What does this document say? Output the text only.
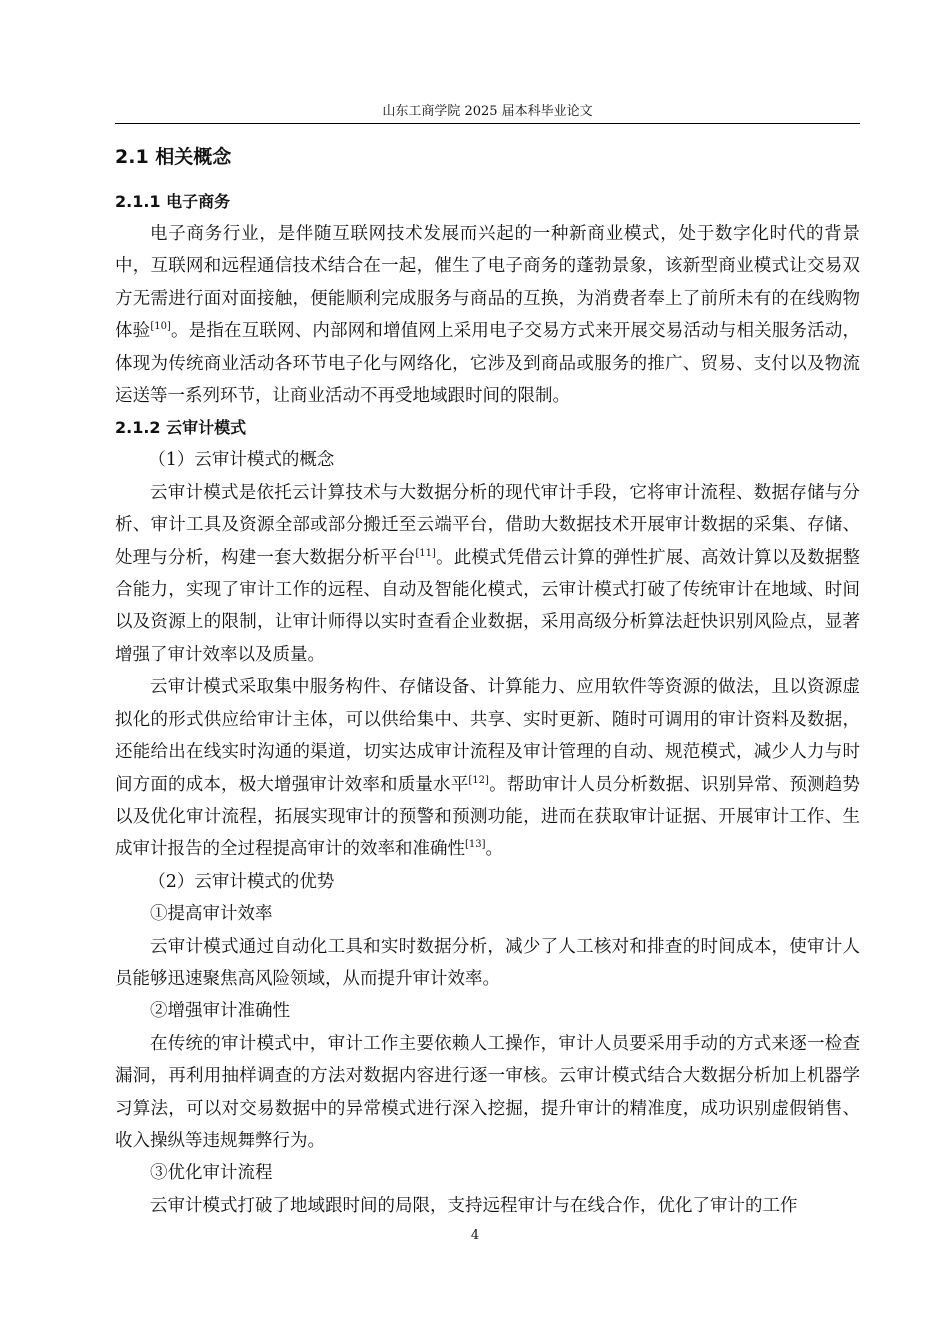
山东工商学院 2025 届本科毕业论文
2.1 相关概念
2.1.1 电子商务

电子商务行业，是伴随互联网技术发展而兴起的一种新商业模式，处于数字化时代的背景中，互联网和远程通信技术结合在一起，催生了电子商务的蓬勃景象，该新型商业模式让交易双方无需进行面对面接触，便能顺利完成服务与商品的互换，为消费者奉上了前所未有的在线购物体验[10]。是指在互联网、内部网和增值网上采用电子交易方式来开展交易活动与相关服务活动，体现为传统商业活动各环节电子化与网络化，它涉及到商品或服务的推广、贸易、支付以及物流运送等一系列环节，让商业活动不再受地域跟时间的限制。

2.1.2 云审计模式

（1）云审计模式的概念

云审计模式是依托云计算技术与大数据分析的现代审计手段，它将审计流程、数据存储与分析、审计工具及资源全部或部分搬迁至云端平台，借助大数据技术开展审计数据的采集、存储、处理与分析，构建一套大数据分析平台[11]。此模式凭借云计算的弹性扩展、高效计算以及数据整合能力，实现了审计工作的远程、自动及智能化模式，云审计模式打破了传统审计在地域、时间以及资源上的限制，让审计师得以实时查看企业数据，采用高级分析算法赶快识别风险点，显著增强了审计效率以及质量。

云审计模式采取集中服务构件、存储设备、计算能力、应用软件等资源的做法，且以资源虚拟化的形式供应给审计主体，可以供给集中、共享、实时更新、随时可调用的审计资料及数据，还能给出在线实时沟通的渠道，切实达成审计流程及审计管理的自动、规范模式，减少人力与时间方面的成本，极大增强审计效率和质量水平[12]。帮助审计人员分析数据、识别异常、预测趋势以及优化审计流程，拓展实现审计的预警和预测功能，进而在获取审计证据、开展审计工作、生成审计报告的全过程提高审计的效率和准确性[13]。

（2）云审计模式的优势

①提高审计效率

云审计模式通过自动化工具和实时数据分析，减少了人工核对和排查的时间成本，使审计人员能够迅速聚焦高风险领域，从而提升审计效率。

②增强审计准确性

在传统的审计模式中，审计工作主要依赖人工操作，审计人员要采用手动的方式来逐一检查漏洞，再利用抽样调查的方法对数据内容进行逐一审核。云审计模式结合大数据分析加上机器学习算法，可以对交易数据中的异常模式进行深入挖掘，提升审计的精准度，成功识别虚假销售、收入操纵等违规舞弊行为。

③优化审计流程

云审计模式打破了地域跟时间的局限，支持远程审计与在线合作，优化了审计的工作

4
